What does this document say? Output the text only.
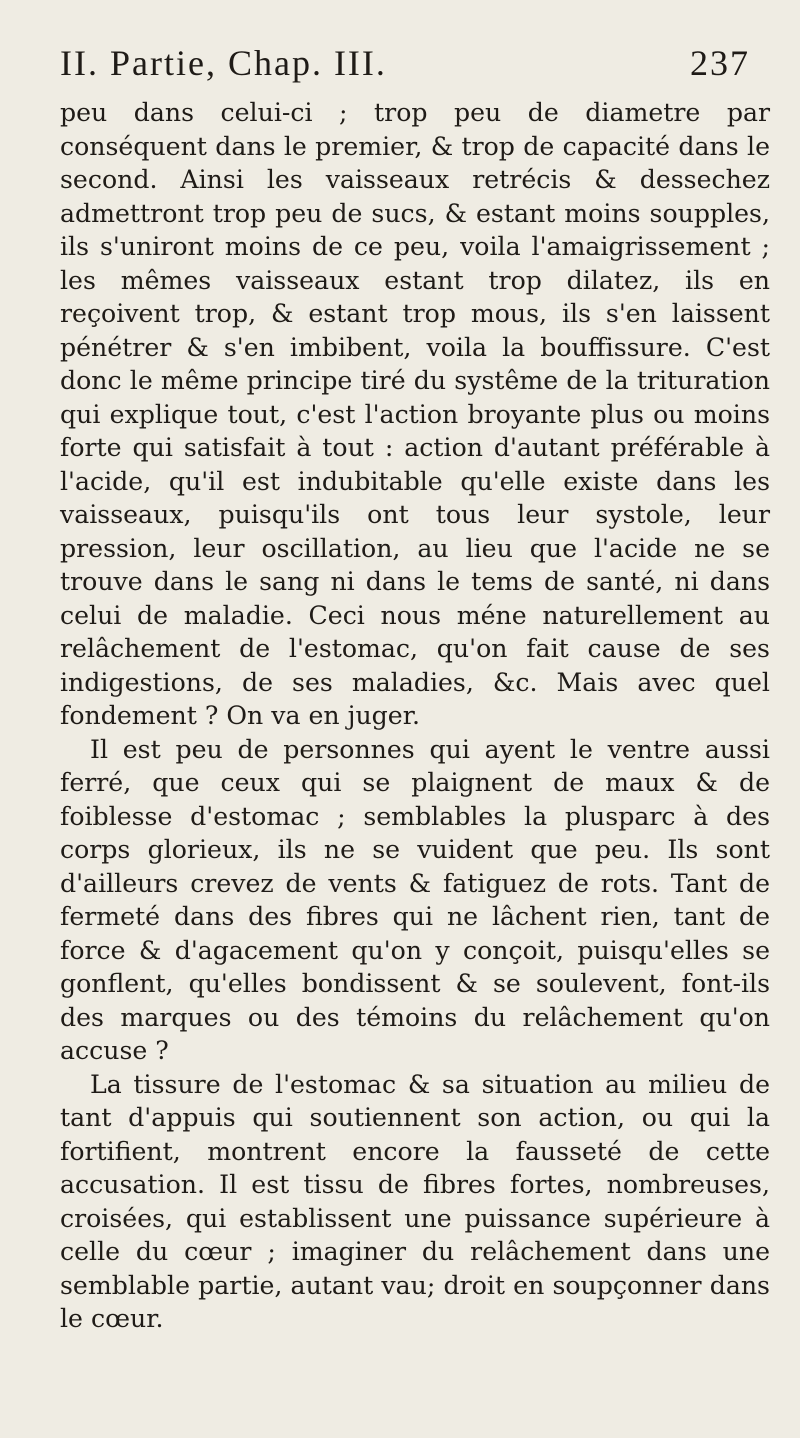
II. Partie, Chap. III.	237

peu dans celui-ci ; trop peu de diametre par conséquent dans le premier, & trop de capacité dans le second. Ainsi les vaisseaux retrécis & dessechez admettront trop peu de sucs, & estant moins soupples, ils s'uniront moins de ce peu, voila l'amaigrissement ; les mêmes vaisseaux estant trop dilatez, ils en reçoivent trop, & estant trop mous, ils s'en laissent pénétrer & s'en imbibent, voila la bouffissure. C'est donc le même principe tiré du systême de la trituration qui explique tout, c'est l'action broyante plus ou moins forte qui satisfait à tout : action d'autant préférable à l'acide, qu'il est indubitable qu'elle existe dans les vaisseaux, puisqu'ils ont tous leur systole, leur pression, leur oscillation, au lieu que l'acide ne se trouve dans le sang ni dans le tems de santé, ni dans celui de maladie. Ceci nous méne naturellement au relâchement de l'estomac, qu'on fait cause de ses indigestions, de ses maladies, &c. Mais avec quel fondement ? On va en juger.

Il est peu de personnes qui ayent le ventre aussi ferré, que ceux qui se plaignent de maux & de foiblesse d'estomac ; semblables la plusparc à des corps glorieux, ils ne se vuident que peu. Ils sont d'ailleurs crevez de vents & fatiguez de rots. Tant de fermeté dans des fibres qui ne lâchent rien, tant de force & d'agacement qu'on y conçoit, puisqu'elles se gonflent, qu'elles bondissent & se soulevent, font-ils des marques ou des témoins du relâchement qu'on accuse ?

La tissure de l'estomac & sa situation au milieu de tant d'appuis qui soutiennent son action, ou qui la fortifient, montrent encore la fausseté de cette accusation. Il est tissu de fibres fortes, nombreuses, croisées, qui establissent une puissance supérieure à celle du cœur ; imaginer du relâchement dans une semblable partie, autant vau; droit en soupçonner dans le cœur.
